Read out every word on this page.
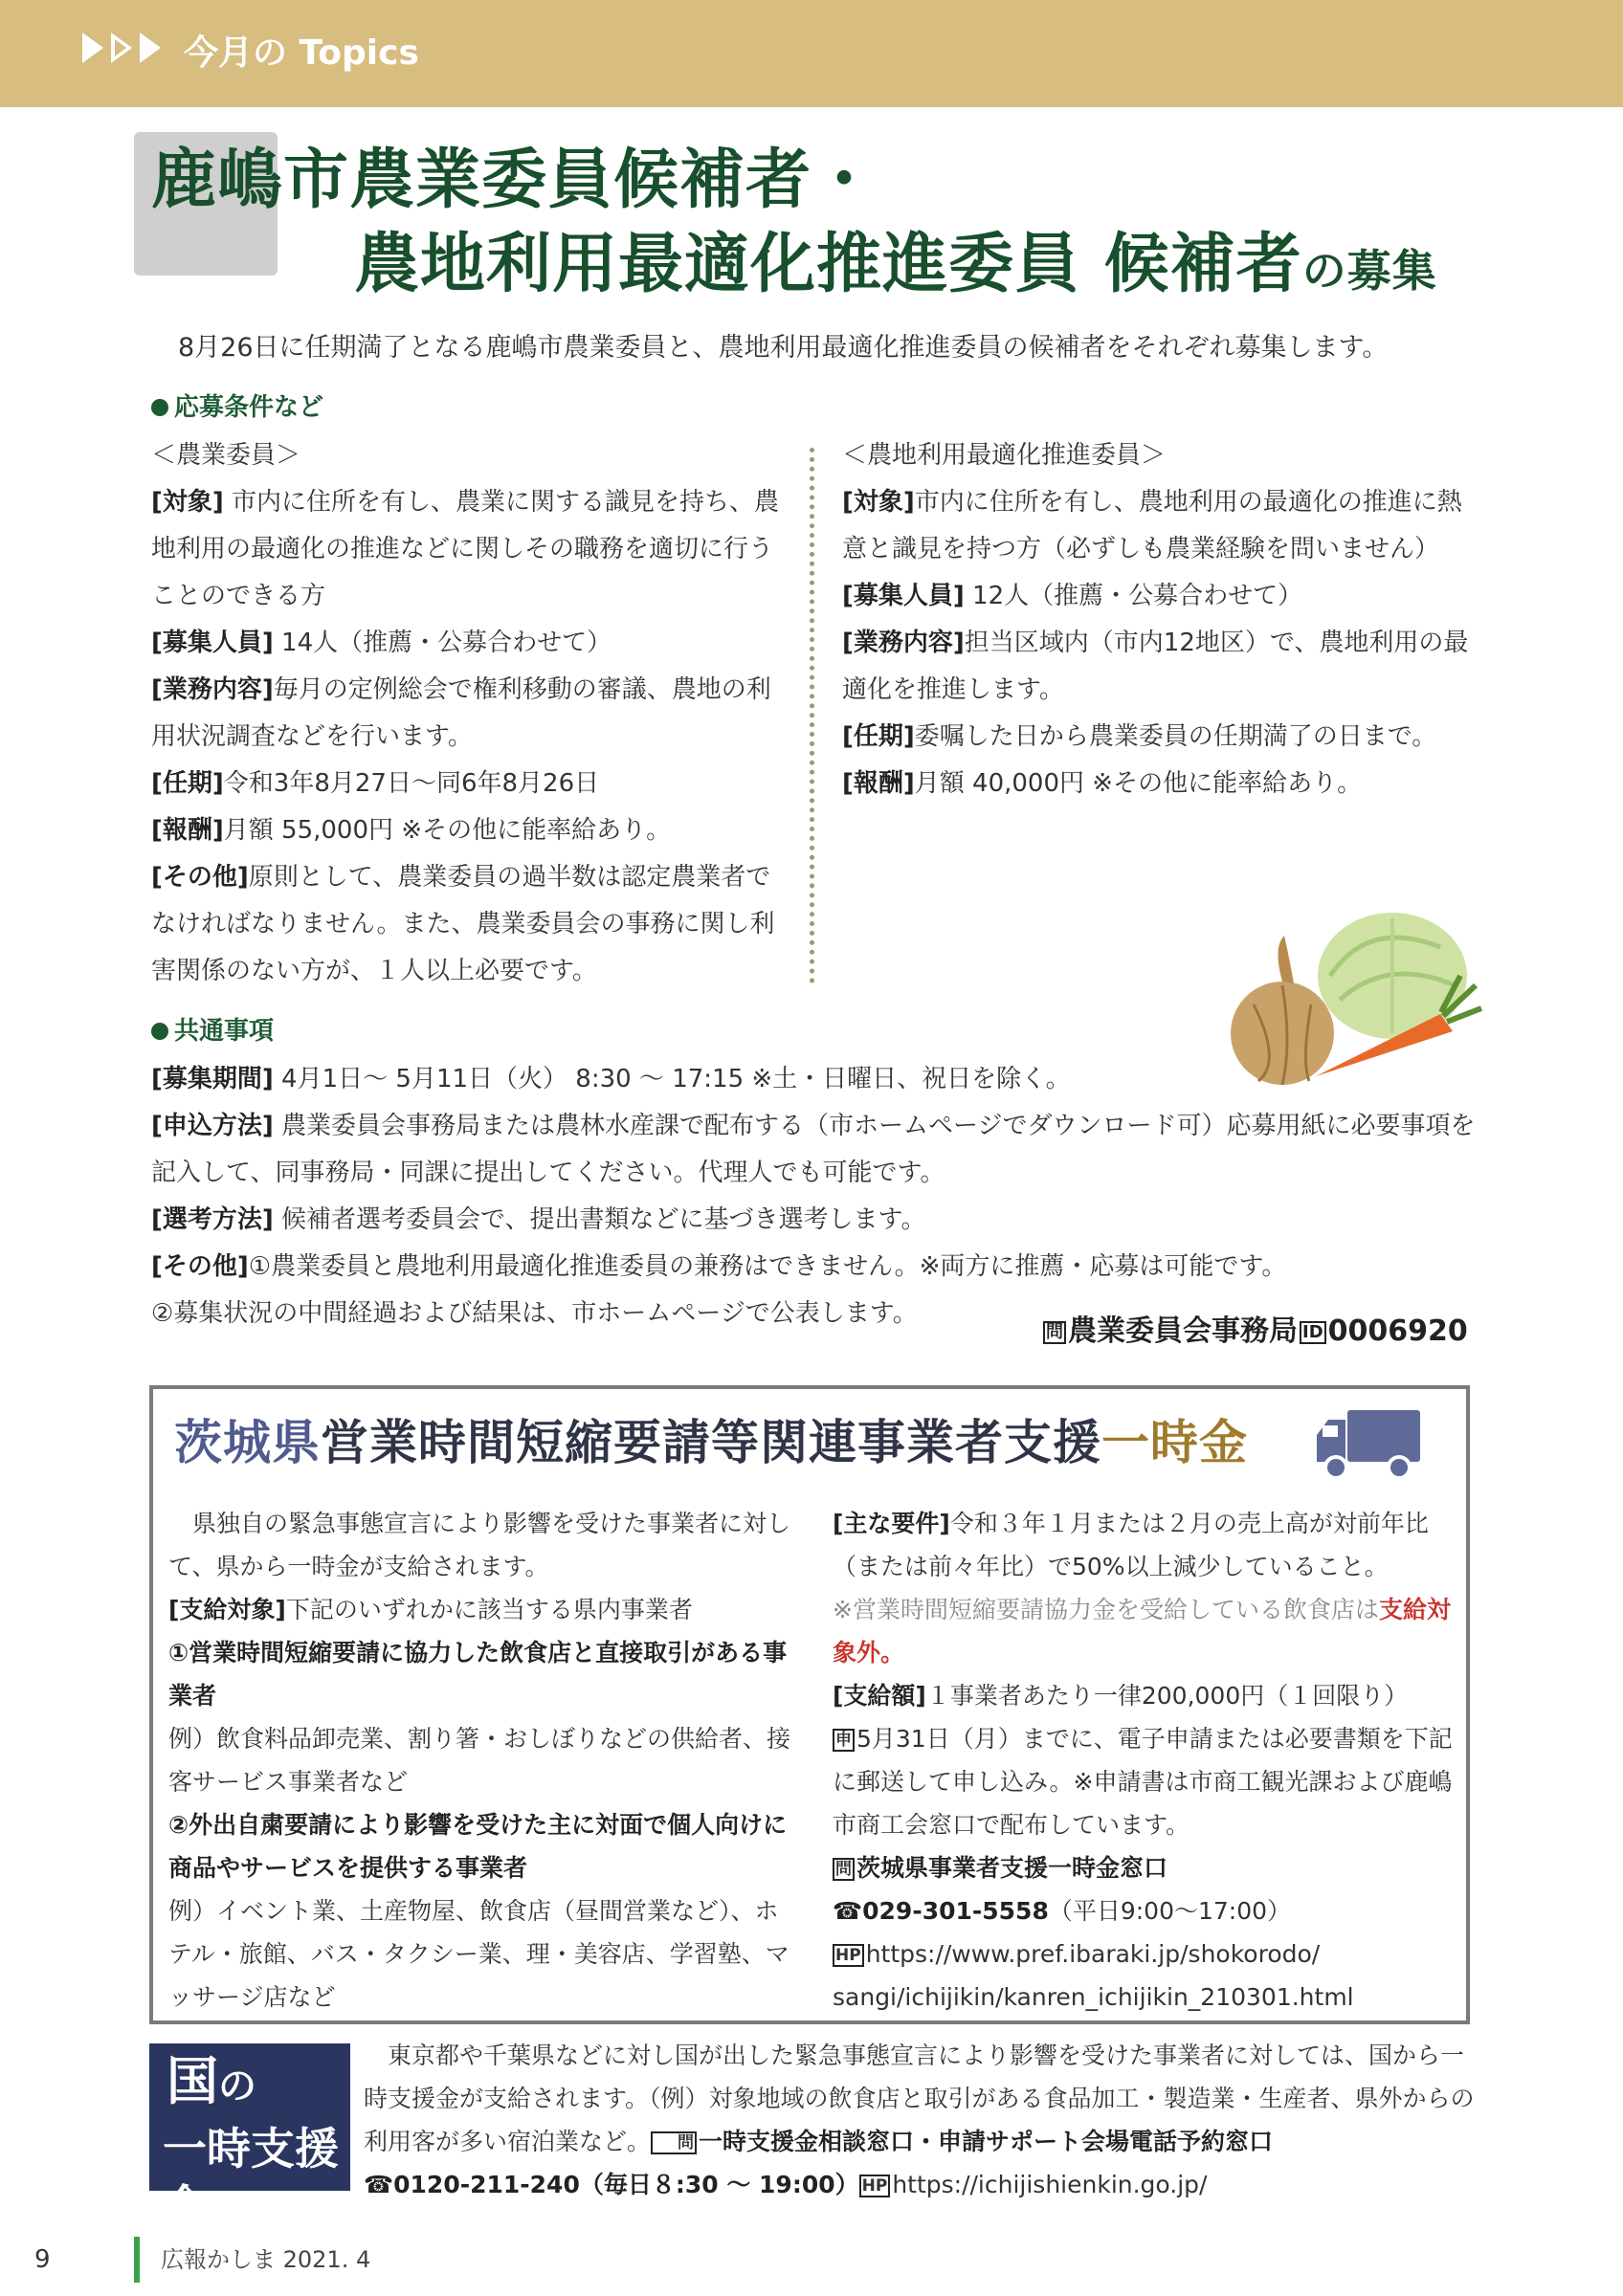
今月の Topics
鹿嶋市農業委員候補者・
農地利用最適化推進委員 候補者の募集
8月26日に任期満了となる鹿嶋市農業委員と、農地利用最適化推進委員の候補者をそれぞれ募集します。
応募条件など
＜農業委員＞
[対象] 市内に住所を有し、農業に関する識見を持ち、農地利用の最適化の推進などに関しその職務を適切に行うことのできる方
[募集人員] 14人（推薦・公募合わせて）
[業務内容]毎月の定例総会で権利移動の審議、農地の利用状況調査などを行います。
[任期]令和3年8月27日～同6年8月26日
[報酬]月額 55,000円 ※その他に能率給あり。
[その他]原則として、農業委員の過半数は認定農業者でなければなりません。また、農業委員会の事務に関し利害関係のない方が、１人以上必要です。
＜農地利用最適化推進委員＞
[対象]市内に住所を有し、農地利用の最適化の推進に熱意と識見を持つ方（必ずしも農業経験を問いません）
[募集人員] 12人（推薦・公募合わせて）
[業務内容]担当区域内（市内12地区）で、農地利用の最適化を推進します。
[任期]委嘱した日から農業委員の任期満了の日まで。
[報酬]月額 40,000円 ※その他に能率給あり。
共通事項
[募集期間] 4月1日～ 5月11日（火） 8:30 ～ 17:15 ※土・日曜日、祝日を除く。
[申込方法] 農業委員会事務局または農林水産課で配布する（市ホームページでダウンロード可）応募用紙に必要事項を記入して、同事務局・同課に提出してください。代理人でも可能です。
[選考方法] 候補者選考委員会で、提出書類などに基づき選考します。
[その他]①農業委員と農地利用最適化推進委員の兼務はできません。※両方に推薦・応募は可能です。
②募集状況の中間経過および結果は、市ホームページで公表します。
問 農業委員会事務局 ID 0006920
茨城県営業時間短縮要請等関連事業者支援一時金
県独自の緊急事態宣言により影響を受けた事業者に対して、県から一時金が支給されます。
[支給対象]下記のいずれかに該当する県内事業者
①営業時間短縮要請に協力した飲食店と直接取引がある事業者
例）飲食料品卸売業、割り箸・おしぼりなどの供給者、接客サービス事業者など
②外出自粛要請により影響を受けた主に対面で個人向けに商品やサービスを提供する事業者
例）イベント業、土産物屋、飲食店（昼間営業など）、ホテル・旅館、バス・タクシー業、理・美容店、学習塾、マッサージ店など
[主な要件]令和３年１月または２月の売上高が対前年比（または前々年比）で50%以上減少していること。
※営業時間短縮要請協力金を受給している飲食店は支給対象外。
[支給額]１事業者あたり一律200,000円（１回限り）
申 5月31日（月）までに、電子申請または必要書類を下記に郵送して申し込み。※申請書は市商工観光課および鹿嶋市商工会窓口で配布しています。
問 茨城県事業者支援一時金窓口
☎029-301-5558（平日9:00～17:00）
HP https://www.pref.ibaraki.jp/shokorodo/
sangi/ichijikin/kanren_ichijikin_210301.html
国の
一時支援金
東京都や千葉県などに対し国が出した緊急事態宣言により影響を受けた事業者に対しては、国から一時支援金が支給されます。（例）対象地域の飲食店と取引がある食品加工・製造業・生産者、県外からの利用客が多い宿泊業など。 問 一時支援金相談窓口・申請サポート会場電話予約窓口
☎0120-211-240（毎日８:30 ～ 19:00） HP https://ichijishienkin.go.jp/
9	広報かしま 2021. 4
